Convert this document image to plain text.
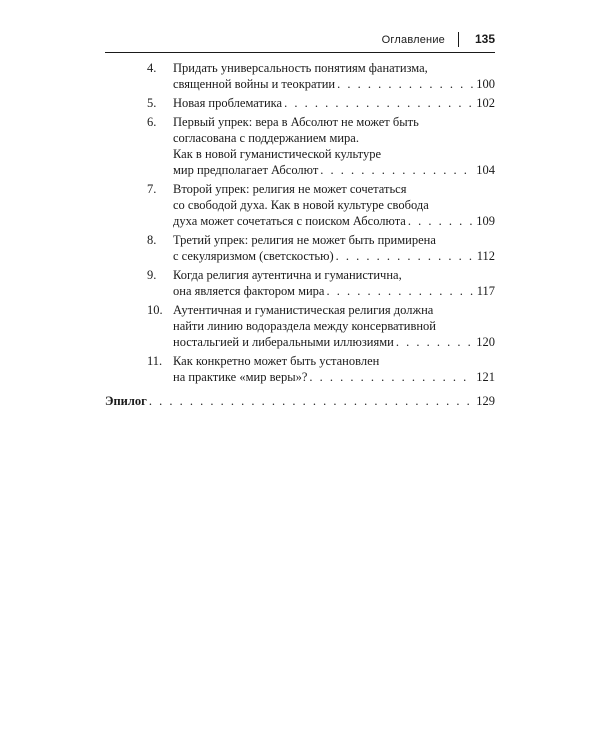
Оглавление 135
4. Придать универсальность понятиям фанатизма,
священной войны и теократии . . .	100
5. Новая проблематика . . .	102
6. Первый упрек: вера в Абсолют не может быть
согласована с поддержанием мира.
Как в новой гуманистической культуре
мир предполагает Абсолют . . .	104
7. Второй упрек: религия не может сочетаться
со свободой духа. Как в новой культуре свобода
духа может сочетаться с поиском Абсолюта . . .	109
8. Третий упрек: религия не может быть примирена
с секуляризмом (светскостью) . . .	112
9. Когда религия аутентична и гуманистична,
она является фактором мира . . .	117
10. Аутентичная и гуманистическая религия должна
найти линию водораздела между консервативной
ностальгией и либеральными иллюзиями . . .	120
11. Как конкретно может быть установлен
на практике «мир веры»? . . .	121
Эпилог . . .	129
